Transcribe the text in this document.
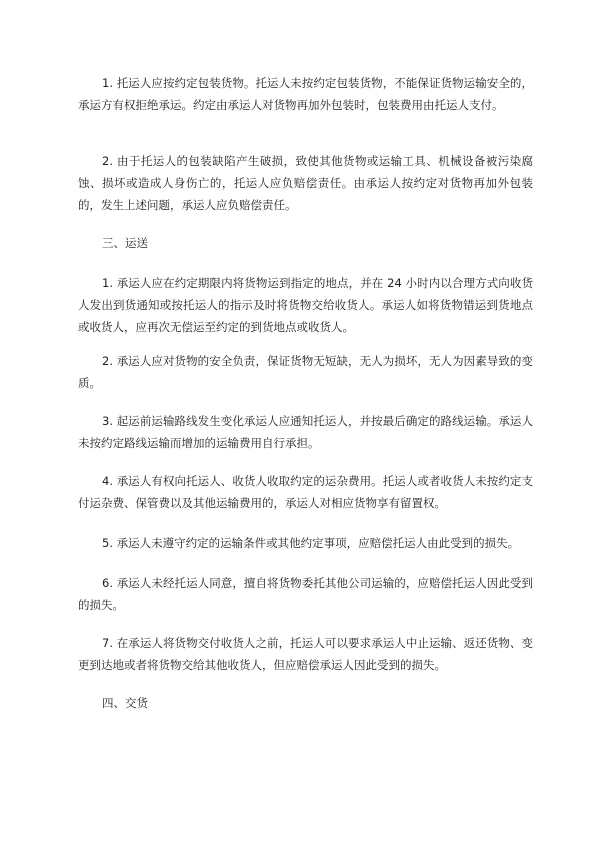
1. 托运人应按约定包装货物。托运人未按约定包装货物，不能保证货物运输安全的，承运方有权拒绝承运。约定由承运人对货物再加外包装时，包装费用由托运人支付。

2. 由于托运人的包装缺陷产生破损，致使其他货物或运输工具、机械设备被污染腐蚀、损坏或造成人身伤亡的，托运人应负赔偿责任。由承运人按约定对货物再加外包装的，发生上述问题，承运人应负赔偿责任。

三、运送

1. 承运人应在约定期限内将货物运到指定的地点，并在 24 小时内以合理方式向收货人发出到货通知或按托运人的指示及时将货物交给收货人。承运人如将货物错运到货地点或收货人，应再次无偿运至约定的到货地点或收货人。

2. 承运人应对货物的安全负责，保证货物无短缺，无人为损坏，无人为因素导致的变质。

3. 起运前运输路线发生变化承运人应通知托运人，并按最后确定的路线运输。承运人未按约定路线运输而增加的运输费用自行承担。

4. 承运人有权向托运人、收货人收取约定的运杂费用。托运人或者收货人未按约定支付运杂费、保管费以及其他运输费用的，承运人对相应货物享有留置权。

5. 承运人未遵守约定的运输条件或其他约定事项，应赔偿托运人由此受到的损失。

6. 承运人未经托运人同意，擅自将货物委托其他公司运输的，应赔偿托运人因此受到的损失。

7. 在承运人将货物交付收货人之前，托运人可以要求承运人中止运输、返还货物、变更到达地或者将货物交给其他收货人，但应赔偿承运人因此受到的损失。

四、交货
